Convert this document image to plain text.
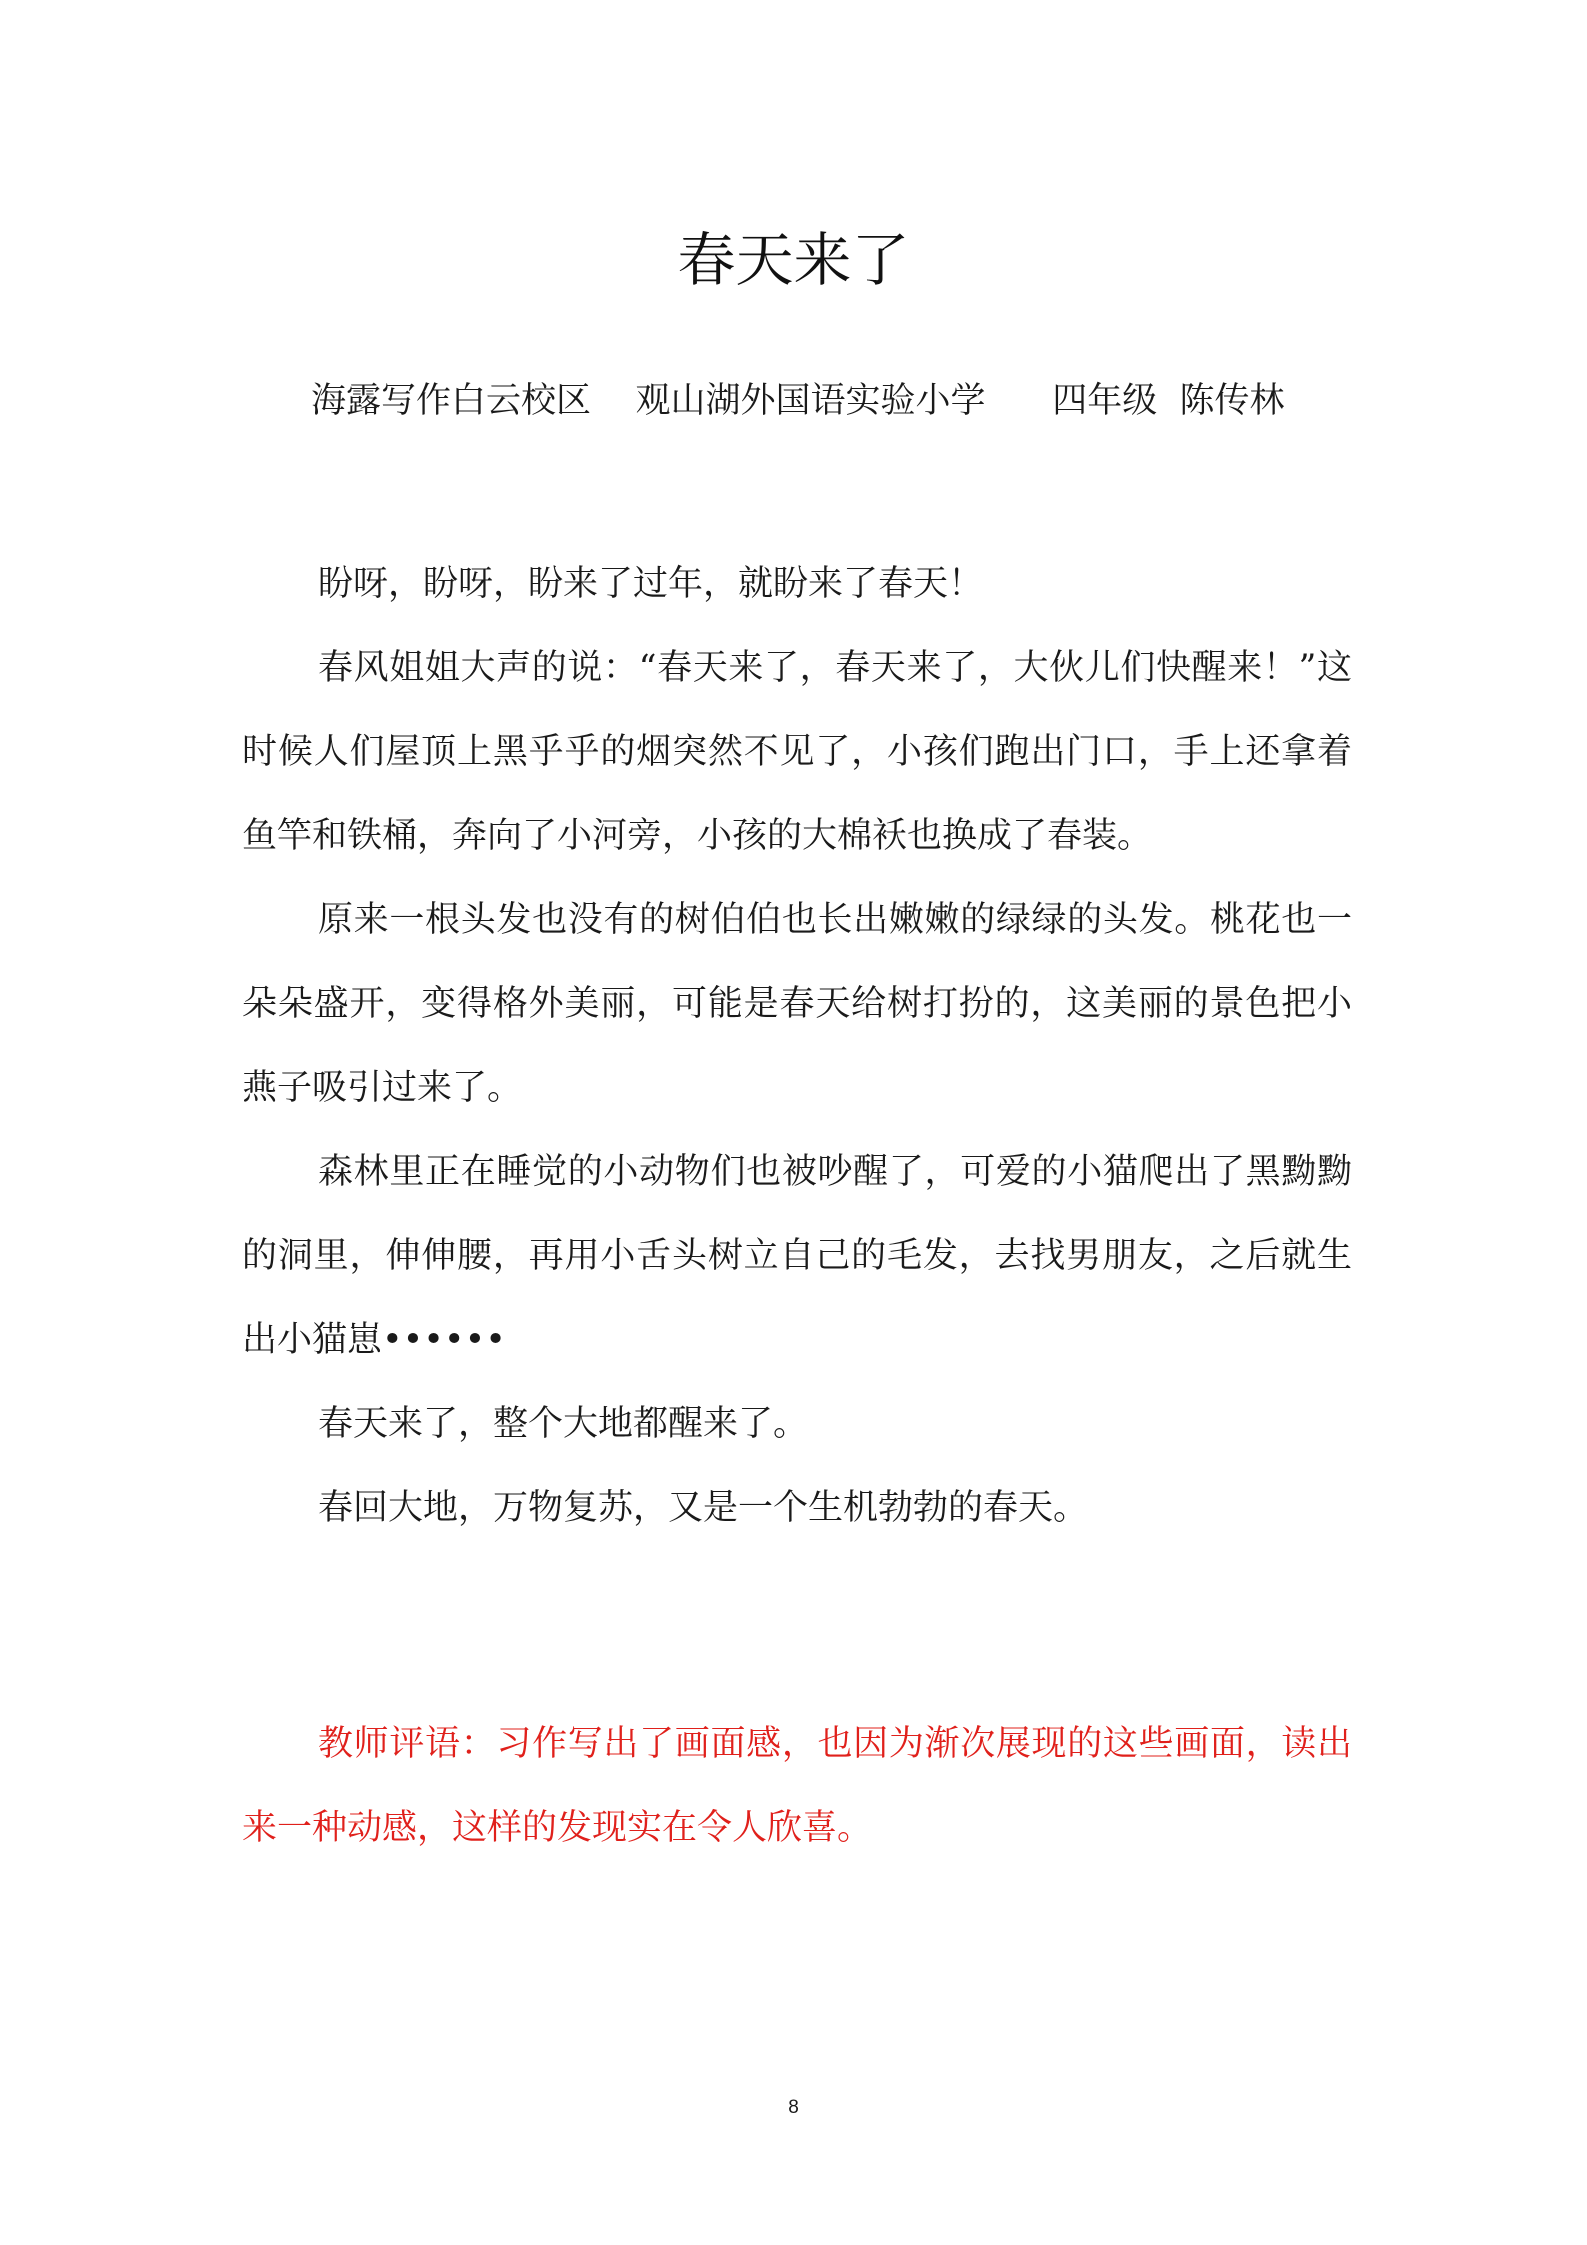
春天来了
海露写作白云校区    观山湖外国语实验小学      四年级  陈传林

盼呀，盼呀，盼来了过年，就盼来了春天！

春风姐姐大声的说：“春天来了，春天来了，大伙儿们快醒来！”这时候人们屋顶上黑乎乎的烟突然不见了，小孩们跑出门口，手上还拿着鱼竿和铁桶，奔向了小河旁，小孩的大棉袄也换成了春装。

原来一根头发也没有的树伯伯也长出嫩嫩的绿绿的头发。桃花也一朵朵盛开，变得格外美丽，可能是春天给树打扮的，这美丽的景色把小燕子吸引过来了。

森林里正在睡觉的小动物们也被吵醒了，可爱的小猫爬出了黑黝黝的洞里，伸伸腰，再用小舌头树立自己的毛发，去找男朋友，之后就生出小猫崽••••••

春天来了，整个大地都醒来了。

春回大地，万物复苏，又是一个生机勃勃的春天。

教师评语：习作写出了画面感，也因为渐次展现的这些画面，读出来一种动感，这样的发现实在令人欣喜。

8
